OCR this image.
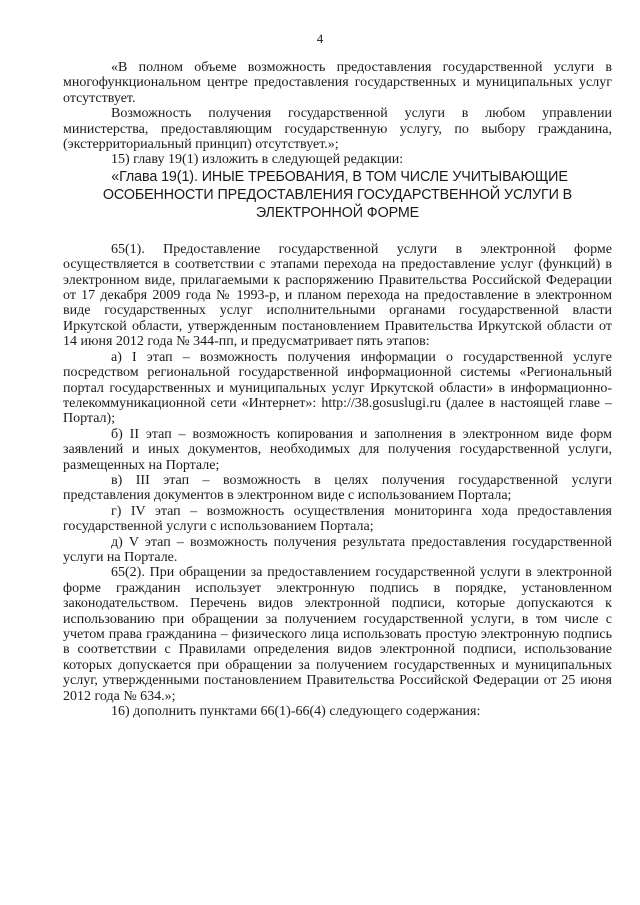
4

«В полном объеме возможность предоставления государственной услуги в многофункциональном центре предоставления государственных и муниципальных услуг отсутствует.

Возможность получения государственной услуги в любом управлении министерства, предоставляющим государственную услугу, по выбору гражданина, (экстерриториальный принцип) отсутствует.»;

15) главу 19(1) изложить в следующей редакции:

«Глава 19(1). ИНЫЕ ТРЕБОВАНИЯ, В ТОМ ЧИСЛЕ УЧИТЫВАЮЩИЕ

ОСОБЕННОСТИ ПРЕДОСТАВЛЕНИЯ ГОСУДАРСТВЕННОЙ УСЛУГИ В

ЭЛЕКТРОННОЙ ФОРМЕ

65(1). Предоставление государственной услуги в электронной форме осуществляется в соответствии с этапами перехода на предоставление услуг (функций) в электронном виде, прилагаемыми к распоряжению Правительства Российской Федерации от 17 декабря 2009 года № 1993-р, и планом перехода на предоставление в электронном виде государственных услуг исполнительными органами государственной власти Иркутской области, утвержденным постановлением Правительства Иркутской области от 14 июня 2012 года № 344-пп, и предусматривает пять этапов:

а) I этап – возможность получения информации о государственной услуге посредством региональной государственной информационной системы «Региональный портал государственных и муниципальных услуг Иркутской области» в информационно-телекоммуникационной сети «Интернет»: http://38.gosuslugi.ru (далее в настоящей главе – Портал);

б) II этап – возможность копирования и заполнения в электронном виде форм заявлений и иных документов, необходимых для получения государственной услуги, размещенных на Портале;

в) III этап – возможность в целях получения государственной услуги представления документов в электронном виде с использованием Портала;

г) IV этап – возможность осуществления мониторинга хода предоставления государственной услуги с использованием Портала;

д) V этап – возможность получения результата предоставления государственной услуги на Портале.

65(2). При обращении за предоставлением государственной услуги в электронной форме гражданин использует электронную подпись в порядке, установленном законодательством. Перечень видов электронной подписи, которые допускаются к использованию при обращении за получением государственной услуги, в том числе с учетом права гражданина – физического лица использовать простую электронную подпись в соответствии с Правилами определения видов электронной подписи, использование которых допускается при обращении за получением государственных и муниципальных услуг, утвержденными постановлением Правительства Российской Федерации от 25 июня 2012 года № 634.»;

16) дополнить пунктами 66(1)-66(4) следующего содержания:
